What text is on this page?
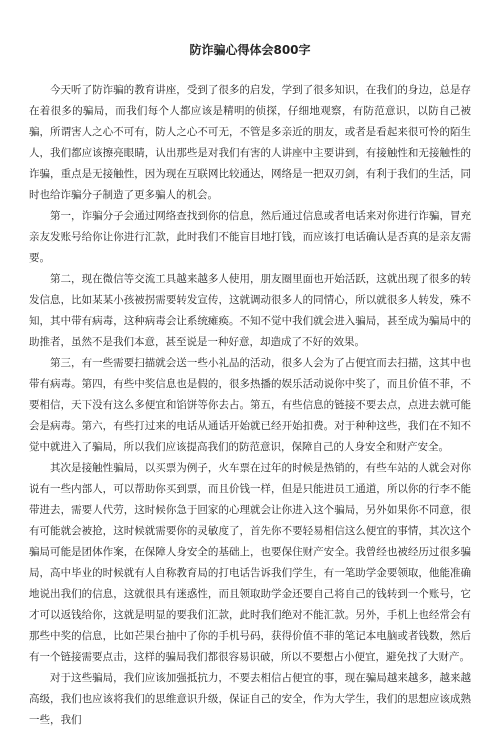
防诈骗心得体会800字

今天听了防诈骗的教育讲座，受到了很多的启发，学到了很多知识，在我们的身边，总是存在着很多的骗局，而我们每个人都应该是精明的侦探，仔细地观察，有防范意识，以防自己被骗，所谓害人之心不可有，防人之心不可无，不管是多亲近的朋友，或者是看起来很可怜的陌生人，我们都应该擦亮眼睛，认出那些是对我们有害的人讲座中主要讲到，有接触性和无接触性的诈骗，重点是无接触性，因为现在互联网比较通达，网络是一把双刃剑，有利于我们的生活，同时也给诈骗分子制造了更多骗人的机会。

第一，诈骗分子会通过网络查找到你的信息，然后通过信息或者电话来对你进行诈骗，冒充亲友发账号给你让你进行汇款，此时我们不能盲目地打钱，而应该打电话确认是否真的是亲友需要。

第二，现在微信等交流工具越来越多人使用，朋友圈里面也开始活跃，这就出现了很多的转发信息，比如某某小孩被拐需要转发宣传，这就调动很多人的同情心，所以就很多人转发，殊不知，其中带有病毒，这种病毒会让系统瘫痪。不知不觉中我们就会进入骗局，甚至成为骗局中的助推者，虽然不是我们本意，甚至说是一种好意，却造成了不好的效果。

第三，有一些需要扫描就会送一些小礼品的活动，很多人会为了占便宜而去扫描，这其中也带有病毒。第四，有些中奖信息也是假的，很多热播的娱乐活动说你中奖了，而且价值不菲，不要相信，天下没有这么多便宜和馅饼等你去占。第五，有些信息的链接不要去点，点进去就可能会是病毒。第六，有些打过来的电话从通话开始就已经开始扣费。对于种种这些，我们在不知不觉中就进入了骗局，所以我们应该提高我们的防范意识，保障自己的人身安全和财产安全。

其次是接触性骗局，以买票为例子，火车票在过年的时候是热销的，有些车站的人就会对你说有一些内部人，可以帮助你买到票，而且价钱一样，但是只能进员工通道，所以你的行李不能带进去，需要人代劳，这时候你急于回家的心理就会让你进入这个骗局，另外如果你不同意，很有可能就会被抢，这时候就需要你的灵敏度了，首先你不要轻易相信这么便宜的事情，其次这个骗局可能是团体作案，在保障人身安全的基础上，也要保住财产安全。我曾经也被经历过很多骗局，高中毕业的时候就有人自称教育局的打电话告诉我们学生，有一笔助学金要领取，他能准确地说出我们的信息，这就很具有迷惑性，而且领取助学金还要自己将自己的钱转到一个账号，它才可以返钱给你，这就是明显的要我们汇款，此时我们绝对不能汇款。另外，手机上也经常会有那些中奖的信息，比如芒果台抽中了你的手机号码，获得价值不菲的笔记本电脑或者钱数，然后有一个链接需要点击，这样的骗局我们都很容易识破，所以不要想占小便宜，避免找了大财产。

对于这些骗局，我们应该加强抵抗力，不要去相信占便宜的事，现在骗局越来越多，越来越高级，我们也应该将我们的思维意识升级，保证自己的安全，作为大学生，我们的思想应该成熟一些，我们
